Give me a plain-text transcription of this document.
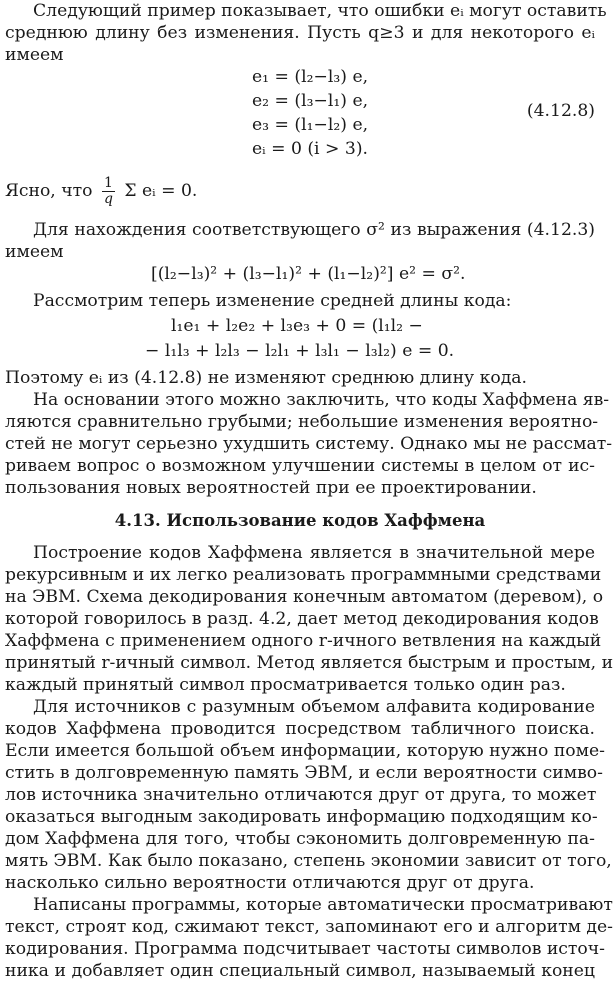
Следующий пример показывает, что ошибки eᵢ могут оставить
среднюю длину без изменения. Пусть q≥3 и для некоторого eᵢ
имеем
e₁ = (l₂−l₃) e,
e₂ = (l₃−l₁) e,
e₃ = (l₁−l₂) e,
(4.12.8)
eᵢ = 0 (i > 3).
Ясно, что $\frac{1}{q}$ Σ eᵢ = 0.
Для нахождения соответствующего σ² из выражения (4.12.3)
имеем
[(l₂−l₃)² + (l₃−l₁)² + (l₁−l₂)²] e² = σ².
Рассмотрим теперь изменение средней длины кода:
l₁e₁ + l₂e₂ + l₃e₃ + 0 = (l₁l₂ −
− l₁l₃ + l₂l₃ − l₂l₁ + l₃l₁ − l₃l₂) e = 0.
Поэтому eᵢ из (4.12.8) не изменяют среднюю длину кода.
На основании этого можно заключить, что коды Хаффмена яв-
ляются сравнительно грубыми; небольшие изменения вероятно-
стей не могут серьезно ухудшить систему. Однако мы не рассмат-
риваем вопрос о возможном улучшении системы в целом от ис-
пользования новых вероятностей при ее проектировании.
4.13. Использование кодов Хаффмена
Построение кодов Хаффмена является в значительной мере
рекурсивным и их легко реализовать программными средствами
на ЭВМ. Схема декодирования конечным автоматом (деревом), о
которой говорилось в разд. 4.2, дает метод декодирования кодов
Хаффмена с применением одного r-ичного ветвления на каждый
принятый r-ичный символ. Метод является быстрым и простым, и
каждый принятый символ просматривается только один раз.
Для источников с разумным объемом алфавита кодирование
кодов Хаффмена проводится посредством табличного поиска.
Если имеется большой объем информации, которую нужно помe-
стить в долговременную память ЭВМ, и если вероятности симво-
лов источника значительно отличаются друг от друга, то может
оказаться выгодным закодировать информацию подходящим ко-
дом Хаффмена для того, чтобы сэкономить долговременную па-
мять ЭВМ. Как было показано, степень экономии зависит от того,
насколько сильно вероятности отличаются друг от друга.
Написаны программы, которые автоматически просматривают
текст, строят код, сжимают текст, запоминают его и алгоритм де-
кодирования. Программа подсчитывает частоты символов источ-
ника и добавляет один специальный символ, называемый конец
